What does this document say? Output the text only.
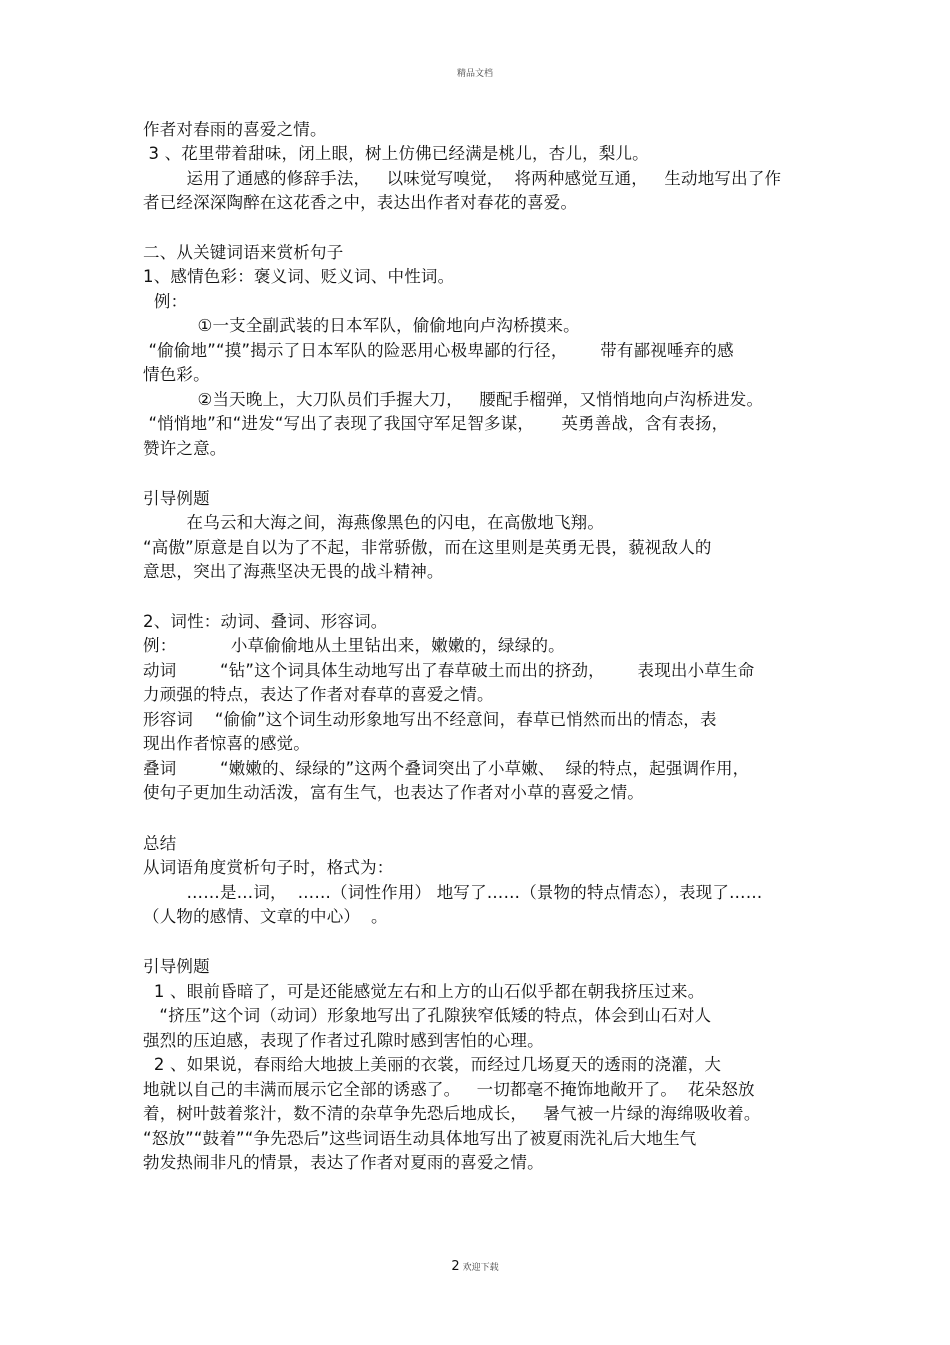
精品文档
作者对春雨的喜爱之情。
3 、花里带着甜味，闭上眼，树上仿佛已经满是桃儿，杏儿，梨儿。
运用了通感的修辞手法，   以味觉写嗅觉，  将两种感觉互通，   生动地写出了作
者已经深深陶醉在这花香之中，表达出作者对春花的喜爱。
二、从关键词语来赏析句子
1、感情色彩：褒义词、贬义词、中性词。
例：
①一支全副武装的日本军队，偷偷地向卢沟桥摸来。
“偷偷地”“摸”揭示了日本军队的险恶用心极卑鄙的行径，      带有鄙视唾弃的感
情色彩。
②当天晚上，大刀队员们手握大刀，   腰配手榴弹，又悄悄地向卢沟桥进发。
“悄悄地”和“进发“写出了表现了我国守军足智多谋，     英勇善战，含有表扬，
赞许之意。
引导例题
在乌云和大海之间，海燕像黑色的闪电，在高傲地飞翔。
“高傲”原意是自以为了不起，非常骄傲，而在这里则是英勇无畏，藐视敌人的
意思，突出了海燕坚决无畏的战斗精神。
2、词性：动词、叠词、形容词。
例：          小草偷偷地从土里钻出来，嫩嫩的，绿绿的。
动词        “钻”这个词具体生动地写出了春草破土而出的挤劲，      表现出小草生命
力顽强的特点，表达了作者对春草的喜爱之情。
形容词    “偷偷”这个词生动形象地写出不经意间，春草已悄然而出的情态，表
现出作者惊喜的感觉。
叠词        “嫩嫩的、绿绿的”这两个叠词突出了小草嫩、  绿的特点，起强调作用，
使句子更加生动活泼，富有生气，也表达了作者对小草的喜爱之情。
总结
从词语角度赏析句子时，格式为：
……是…词，  ……（词性作用） 地写了……（景物的特点情态），表现了……
（人物的感情、文章的中心）  。
引导例题
1 、眼前昏暗了，可是还能感觉左右和上方的山石似乎都在朝我挤压过来。
“挤压”这个词（动词）形象地写出了孔隙狭窄低矮的特点，体会到山石对人
强烈的压迫感，表现了作者过孔隙时感到害怕的心理。
2 、如果说，春雨给大地披上美丽的衣裳，而经过几场夏天的透雨的浇灌，大
地就以自己的丰满而展示它全部的诱惑了。   一切都毫不掩饰地敞开了。  花朵怒放
着，树叶鼓着浆汁，数不清的杂草争先恐后地成长，   暑气被一片绿的海绵吸收着。
“怒放”“鼓着”“争先恐后”这些词语生动具体地写出了被夏雨洗礼后大地生气
勃发热闹非凡的情景，表达了作者对夏雨的喜爱之情。
2 欢迎下载
